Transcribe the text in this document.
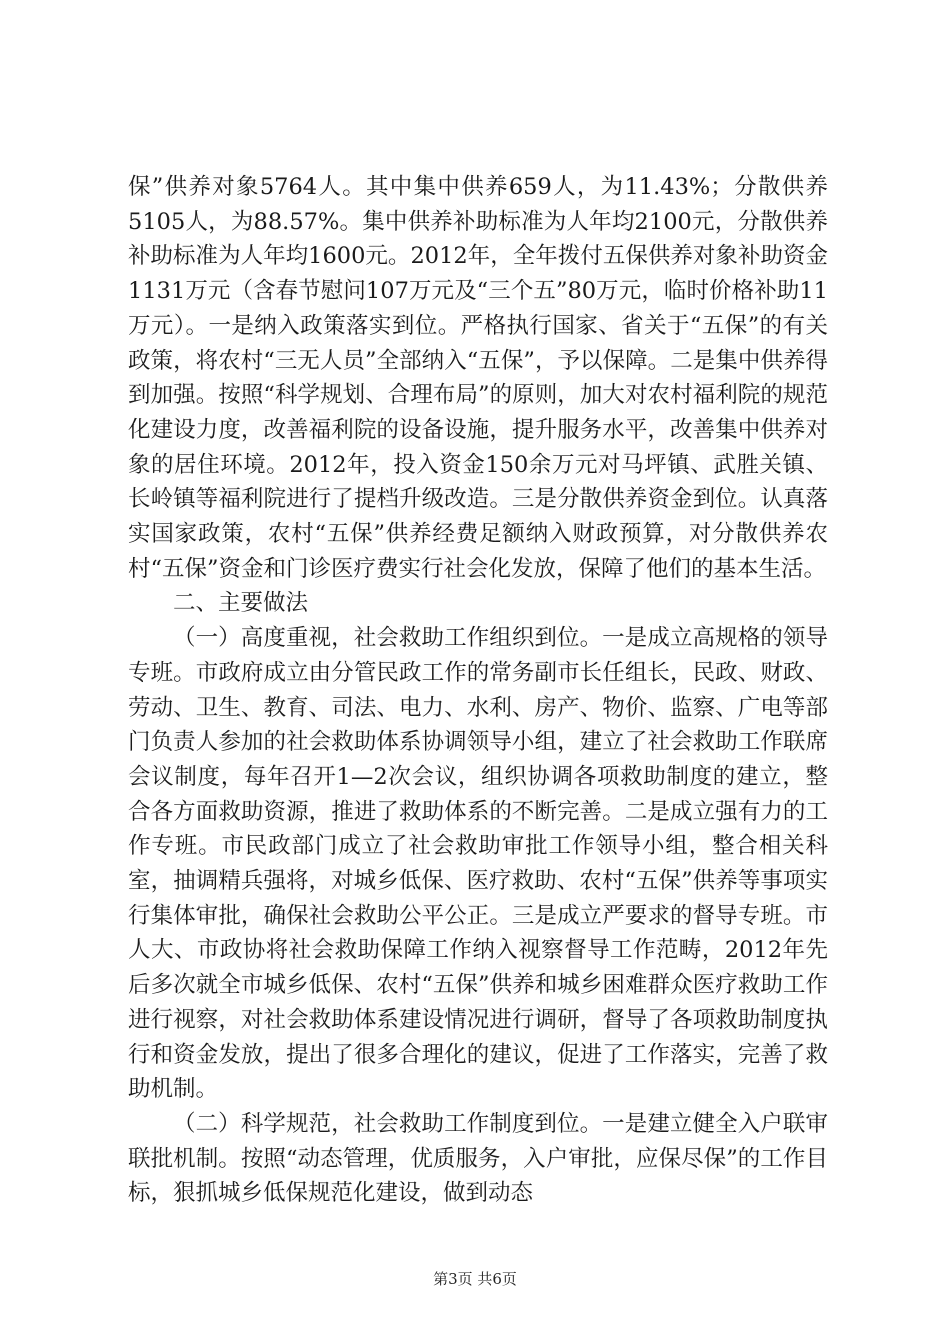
保”供养对象5764人。其中集中供养659人，为11.43%；分散供养5105人，为88.57%。集中供养补助标准为人年均2100元，分散供养补助标准为人年均1600元。2012年，全年拨付五保供养对象补助资金1131万元（含春节慰问107万元及“三个五”80万元，临时价格补助11万元）。一是纳入政策落实到位。严格执行国家、省关于“五保”的有关政策，将农村“三无人员”全部纳入“五保”，予以保障。二是集中供养得到加强。按照“科学规划、合理布局”的原则，加大对农村福利院的规范化建设力度，改善福利院的设备设施，提升服务水平，改善集中供养对象的居住环境。2012年，投入资金150余万元对马坪镇、武胜关镇、长岭镇等福利院进行了提档升级改造。三是分散供养资金到位。认真落实国家政策，农村“五保”供养经费足额纳入财政预算，对分散供养农村“五保”资金和门诊医疗费实行社会化发放，保障了他们的基本生活。

二、主要做法

（一）高度重视，社会救助工作组织到位。一是成立高规格的领导专班。市政府成立由分管民政工作的常务副市长任组长，民政、财政、劳动、卫生、教育、司法、电力、水利、房产、物价、监察、广电等部门负责人参加的社会救助体系协调领导小组，建立了社会救助工作联席会议制度，每年召开1—2次会议，组织协调各项救助制度的建立，整合各方面救助资源，推进了救助体系的不断完善。二是成立强有力的工作专班。市民政部门成立了社会救助审批工作领导小组，整合相关科室，抽调精兵强将，对城乡低保、医疗救助、农村“五保”供养等事项实行集体审批，确保社会救助公平公正。三是成立严要求的督导专班。市人大、市政协将社会救助保障工作纳入视察督导工作范畴，2012年先后多次就全市城乡低保、农村“五保”供养和城乡困难群众医疗救助工作进行视察，对社会救助体系建设情况进行调研，督导了各项救助制度执行和资金发放，提出了很多合理化的建议，促进了工作落实，完善了救助机制。

（二）科学规范，社会救助工作制度到位。一是建立健全入户联审联批机制。按照“动态管理，优质服务，入户审批，应保尽保”的工作目标，狠抓城乡低保规范化建设，做到动态

第3页 共6页
